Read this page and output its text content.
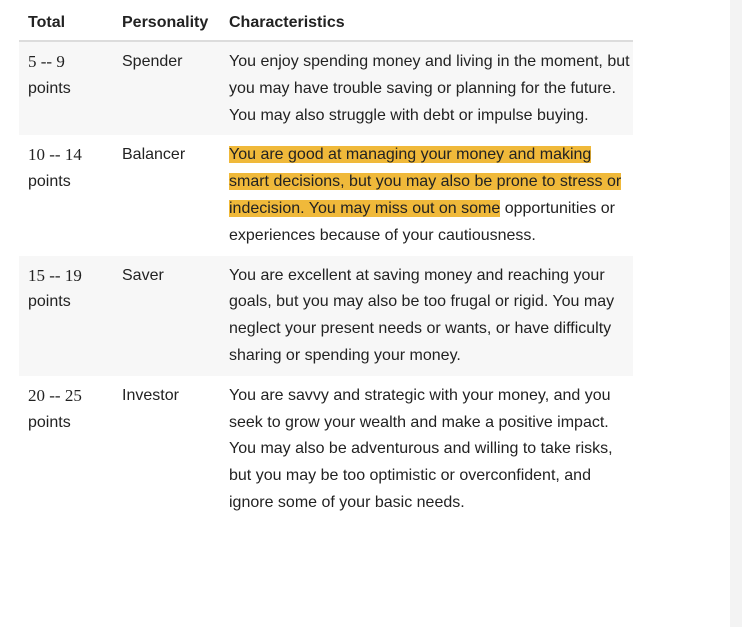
Total	Personality	Characteristics

5 -- 9
points	Spender	You enjoy spending money and living in the moment, but you may have trouble saving or planning for the future. You may also struggle with debt or impulse buying.

10 -- 14
points	Balancer	You are good at managing your money and making smart decisions, but you may also be prone to stress or indecision. You may miss out on some opportunities or experiences because of your cautiousness.

15 -- 19
points	Saver	You are excellent at saving money and reaching your goals, but you may also be too frugal or rigid. You may neglect your present needs or wants, or have difficulty sharing or spending your money.

20 -- 25
points	Investor	You are savvy and strategic with your money, and you seek to grow your wealth and make a positive impact. You may also be adventurous and willing to take risks, but you may be too optimistic or overconfident, and ignore some of your basic needs.
